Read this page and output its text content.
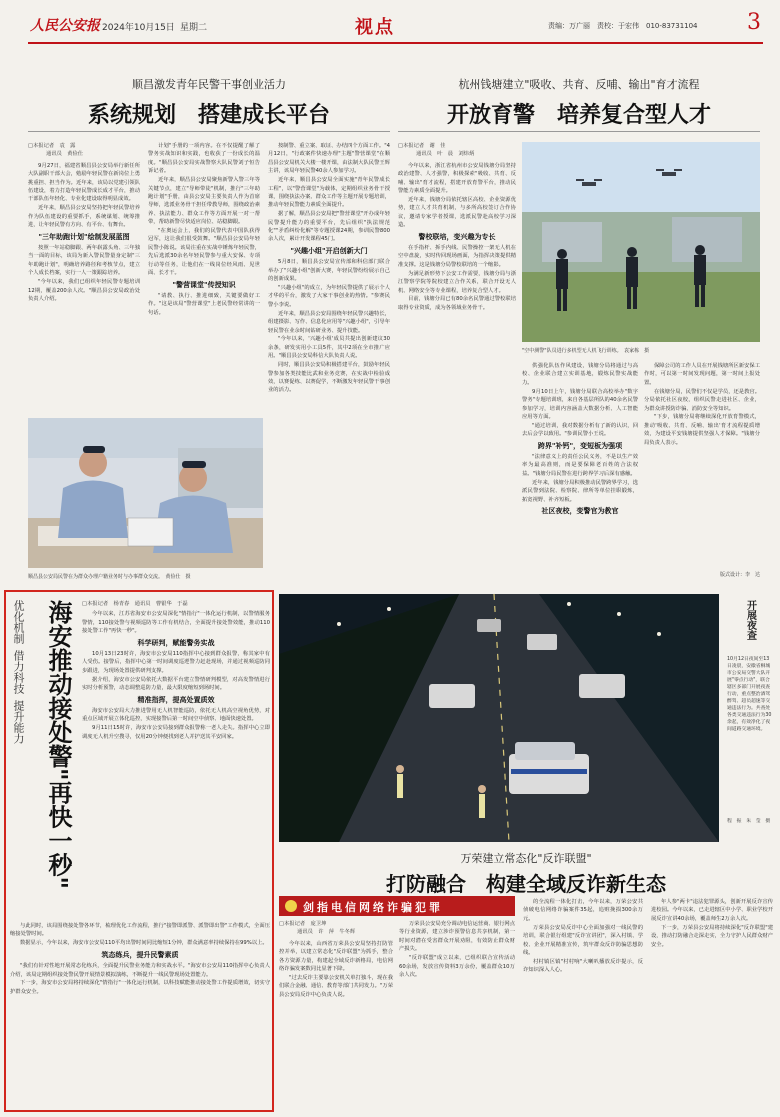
人民公安报 2024年10月15日 星期二	视点	责编：万广丽　责校：于宏伟　010-83731104 3
顺昌激发青年民警干事创业活力
系统规划　搭建成长平台
□本报记者　袁　露
通讯员　黄俭仕

9月27日，福建省顺昌县公安局举行新任所大队副职干部大会，勉励年轻民警在新岗位上勇挑重担、担当作为。近年来，该局以党建引领队伍建设，着力打造年轻民警成长成才平台，推动干部队伍年轻化、专业化建设取得明显成效。

近年来，顺昌县公安局坚持把年轻民警培养作为队伍建设的重要抓手，系统谋划、统筹推进，让年轻民警有方向、有平台、有舞台。

"三年助跑计划"绘制发展蓝图

按照一年站稳脚跟、两年崭露头角、三年独当一面的目标，该局为新入警民警量身定制"三年助跑计划"，明确培养路径和考核节点，建立个人成长档案，实行一人一策跟踪培养。

"今年以来，我们已组织年轻民警专题培训12期，覆盖200余人次。"顺昌县公安局政治处负责人介绍。

计划"手册的一项内容。在不仅提醒了解了警务实战知识和实践，也收获了一份成长的温度。"顺昌县公安局实战警察大队民警刘子恒告诉记者。

近年来，顺昌县公安局聚焦新警入警三年等关键节点，建立"导师带徒"机制，推行"三年助跑计划"手册，由县公安局主要负责人作为首席导师，选派业务骨干担任带教导师，围绕政治素养、执法能力、群众工作等方面开展一对一帮带，帮助新警尽快适应岗位、站稳脚跟。

"在奥运会上，我们的民警代表中国队获得冠军，这让我们很受鼓舞。"顺昌县公安局年轻民警小陈说。该局注重在实战中锤炼年轻民警，先后选派30余名年轻民警参与重大安保、专项行动等任务，让他们在一线岗位经风雨、见世面、长才干。

"警营课堂"传授知识

"请教、执行、推进细致，关键要做好工作。"这是该局"警营课堂"上老民警经常讲的一句话。

按制警、重立案、取证、办结四个方面工作。"4月12日，"行政案件快速办理"主题"警营课堂"在顺昌县公安局机关大楼一楼开课，由法制大队民警王辉主讲，该局年轻民警40余人参加学习。

近年来，顺昌县公安局全面实施"青年民警成长工程"，以"警营课堂"为载体，定期组织业务骨干授课，围绕执法办案、群众工作等主题开展专题培训，推动年轻民警能力素质全面提升。

据了解，顺昌县公安局把"警营课堂"开办成年轻民警提升能力的重要平台，先后组织"执法规范化""矛盾纠纷化解"等专题授课24期，参训民警800余人次，累计开发课程45门。

"兴趣小组"开启创新大门

5月8日，顺昌县公安局宣传部和科信部门联合举办了"兴趣小组"创新大赛，年轻民警纷纷展示自己的创新成果。

"兴趣小组"的成立，为年轻民警提供了展示个人才华的平台，激发了大家干事创业的热情。"参赛民警小李说。

近年来，顺昌县公安局围绕年轻民警兴趣特长，组建摄影、写作、信息化应用等"兴趣小组"，引导年轻民警在业余时间钻研业务、提升技能。

"今年以来，'兴趣小组'成员共提出创新建议30余条，研发实用小工具5件，其中2项在全市推广应用。"顺昌县公安局科信大队负责人说。

同时，顺昌县公安局积极搭建平台，鼓励年轻民警参加各类技能比武和业务竞赛，在实战中检验成效，以赛促练、以赛促学，不断激发年轻民警干事创业的活力。

顺昌县公安局民警在为群众办理户籍业务时与办事群众交流。　黄俭仕　摄
杭州钱塘建立"吸收、共育、反哺、输出"育才流程
开放育警　培养复合型人才
□本报记者　谢　佳
通讯员　叶　晨　刘炜炳

今年以来，浙江省杭州市公安局钱塘分局坚持政治建警、人才强警，积极探索"吸收、共育、反哺、输出"育才流程，搭建开放育警平台，推动民警能力素质全面提升。

近年来，钱塘分局依托辖区高校、企业资源优势，建立人才共育机制，与多所高校签订合作协议，邀请专家学者授课，选派民警赴高校学习深造。

警校联培，变兴趣为专长

在手指杆、拆手内线、民警操控一架无人机在空中盘旋，实时传回现场画面，为指挥决策提供精准支撑。这是钱塘分局警校联培的一个缩影。

为满足新形势下公安工作需要，钱塘分局与浙江警察学院等院校建立合作关系，联合开设无人机、网络安全等专业课程，培养复合型人才。

目前，钱塘分局已有80余名民警通过警校联培取得专业资质，成为各领域业务骨干。

"空中测警"队员进行多机型无人机飞行训练。　袁家栋　摄

供强化队伍作风建设，钱塘分局将通过与高校、企业联合建立实训基地，锻炼民警实战能力。

9月10日上午，钱塘分局联合高校举办"数字警务"专题培训班，来自各基层所队的40余名民警参加学习，培训内容涵盖大数据分析、人工智能应用等方面。

"通过培训，我对数据分析有了新的认识，回去后会学以致用。"参训民警小王说。

跨界"补钙"，变短板为强项

"法律意义上的责任公民义务，不是以生产效率为最高准则，而是要保障老百姓的合法权益。"钱塘分局民警在进行跨界学习后深有感触。

近年来，钱塘分局积极推动民警跨界学习，选派民警到法院、检察院、律所等单位挂职锻炼，拓宽视野、补齐短板。

社区夜校，变警官为教官

保障公司的工作人员在开展钱塘所区新安保工作时，可以第一时间发现问题，第一时间上报处置。

在钱塘分局，民警们不仅是学员，还是教官。分局依托社区夜校，组织民警走进社区、企业，为群众讲授防诈骗、消防安全等知识。

"下步，钱塘分局将继续深化开放育警模式，推动'吸收、共育、反哺、输出'育才流程提质增效，为建设平安钱塘提供坚强人才保障。"钱塘分局负责人表示。

版式设计：李　达
优化机制
借力科技
提升能力 海安推动接处警"再快一秒"	□本报记者　杨青春　通讯员　曹银华　于磊

今年以来，江苏省海安市公安局深化"情指行"一体化运行机制，以警情服务警情，110接处警与视频巡防等工作有机结合，全面提升接处警效能，推动110接处警工作"再快一秒"。

科学研判，赋能警务实战

10月13日23时许，海安市公安局110指挥中心接到群众报警，称其家中有人受伤。接警后，指挥中心第一时间调度巡逻警力赶赴现场，并通过视频巡防同步跟进，为现场处置提供研判支撑。

据介绍，海安市公安局依托大数据平台建立警情研判模型，对高发警情进行实时分析预警，动态调整巡防力量，最大限度缩短到场时间。

精准指挥，提高处置质效

海安市公安局大力推进警用无人机智能巡防，依托无人机高空视角优势，对重点区域开展立体化巡控，实现接警后第一时间空中侦察、地面快速处置。

9月11日15时许，海安市公安局接到群众报警称一老人走失。指挥中心立即调度无人机升空搜寻，仅用20分钟便找到老人并护送其平安回家。

与此同时，该局围绕接处警各环节，梳理优化工作流程，推行"接警即派警、派警即出警"工作模式，全面压缩接处警时间。

数据显示，今年以来，海安市公安局110平均出警时间同比缩短1分钟，群众满意率持续保持在99%以上。

筑态练兵，提升民警素质

"我们有针对性地开展常态化练兵，全面提升民警业务能力和实战水平。"海安市公安局110指挥中心负责人介绍，该局定期组织接处警民警开展情景模拟演练，不断提升一线民警现场处置能力。

下一步，海安市公安局将持续深化"情指行"一体化运行机制，以科技赋能推动接处警工作提质增效，切实守护群众安全。

开展夜查
10月12日夜间至13日凌晨，安徽省桐城市公安局交警大队开展"零点行动"，联合辖区多部门开展夜查行动，重点整治酒驾醉驾、超员超速等交通违法行为。共查处各类交通违法行为30余起，有效净化了夜间道路交通环境。
程　振　朱　莹　摄
万荣建立常态化"反诈联盟"
打防融合　构建全域反诈新生态
剑指电信网络诈骗犯罪
□本报记者　庞卫坤
通讯员　许　萍　牛冬辉

今年以来，山西省万荣县公安局坚持打防管控并举，以建立常态化"反诈联盟"为抓手，整合各方资源力量，构建起全域反诈新格局，电信网络诈骗发案数同比显著下降。

"过去反诈主要靠公安机关单打独斗，现在我们联合金融、通信、教育等部门共同发力。"万荣县公安局反诈中心负责人说。

万荣县公安局充分调动电信运营商、银行网点等行业资源，建立涉诈预警信息共享机制，第一时间对潜在受害群众开展劝阻，有效防止群众财产损失。

"反诈联盟"成立以来，已组织联合宣传活动60余场，发放宣传资料3万余份，覆盖群众10万余人次。

的全流程一体化打击，今年以来，万荣公安共侦破电信网络诈骗案件35起，追赃挽损300余万元。

万荣县公安局反诈中心全面加强对一线民警的培训，联合银行组建"反诈宣讲团"，深入村镇、学校、企业开展精准宣传，筑牢群众反诈防骗思想防线。

村村镇区镇"村村响"大喇叭播放反诈提示，反诈知识深入人心。

年人参"两卡"违法犯罪源头，创新开展反诈宣传进校园。今年以来，已走进辖区中小学、职业学校开展反诈宣讲40余场，覆盖师生2万余人次。

下一步，万荣县公安局将持续深化"反诈联盟"建设，推动打防融合走深走实，全力守护人民群众财产安全。
